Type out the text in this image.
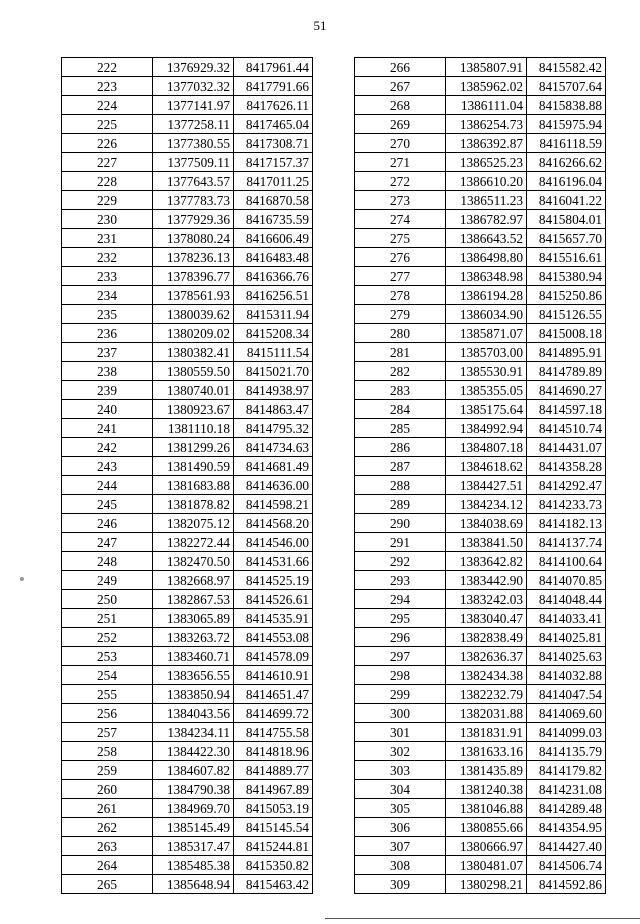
51
222	1376929.32	8417961.44
223	1377032.32	8417791.66
224	1377141.97	8417626.11
225	1377258.11	8417465.04
226	1377380.55	8417308.71
227	1377509.11	8417157.37
228	1377643.57	8417011.25
229	1377783.73	8416870.58
230	1377929.36	8416735.59
231	1378080.24	8416606.49
232	1378236.13	8416483.48
233	1378396.77	8416366.76
234	1378561.93	8416256.51
235	1380039.62	8415311.94
236	1380209.02	8415208.34
237	1380382.41	8415111.54
238	1380559.50	8415021.70
239	1380740.01	8414938.97
240	1380923.67	8414863.47
241	1381110.18	8414795.32
242	1381299.26	8414734.63
243	1381490.59	8414681.49
244	1381683.88	8414636.00
245	1381878.82	8414598.21
246	1382075.12	8414568.20
247	1382272.44	8414546.00
248	1382470.50	8414531.66
249	1382668.97	8414525.19
250	1382867.53	8414526.61
251	1383065.89	8414535.91
252	1383263.72	8414553.08
253	1383460.71	8414578.09
254	1383656.55	8414610.91
255	1383850.94	8414651.47
256	1384043.56	8414699.72
257	1384234.11	8414755.58
258	1384422.30	8414818.96
259	1384607.82	8414889.77
260	1384790.38	8414967.89
261	1384969.70	8415053.19
262	1385145.49	8415145.54
263	1385317.47	8415244.81
264	1385485.38	8415350.82
265	1385648.94	8415463.42
266	1385807.91	8415582.42
267	1385962.02	8415707.64
268	1386111.04	8415838.88
269	1386254.73	8415975.94
270	1386392.87	8416118.59
271	1386525.23	8416266.62
272	1386610.20	8416196.04
273	1386511.23	8416041.22
274	1386782.97	8415804.01
275	1386643.52	8415657.70
276	1386498.80	8415516.61
277	1386348.98	8415380.94
278	1386194.28	8415250.86
279	1386034.90	8415126.55
280	1385871.07	8415008.18
281	1385703.00	8414895.91
282	1385530.91	8414789.89
283	1385355.05	8414690.27
284	1385175.64	8414597.18
285	1384992.94	8414510.74
286	1384807.18	8414431.07
287	1384618.62	8414358.28
288	1384427.51	8414292.47
289	1384234.12	8414233.73
290	1384038.69	8414182.13
291	1383841.50	8414137.74
292	1383642.82	8414100.64
293	1383442.90	8414070.85
294	1383242.03	8414048.44
295	1383040.47	8414033.41
296	1382838.49	8414025.81
297	1382636.37	8414025.63
298	1382434.38	8414032.88
299	1382232.79	8414047.54
300	1382031.88	8414069.60
301	1381831.91	8414099.03
302	1381633.16	8414135.79
303	1381435.89	8414179.82
304	1381240.38	8414231.08
305	1381046.88	8414289.48
306	1380855.66	8414354.95
307	1380666.97	8414427.40
308	1380481.07	8414506.74
309	1380298.21	8414592.86
